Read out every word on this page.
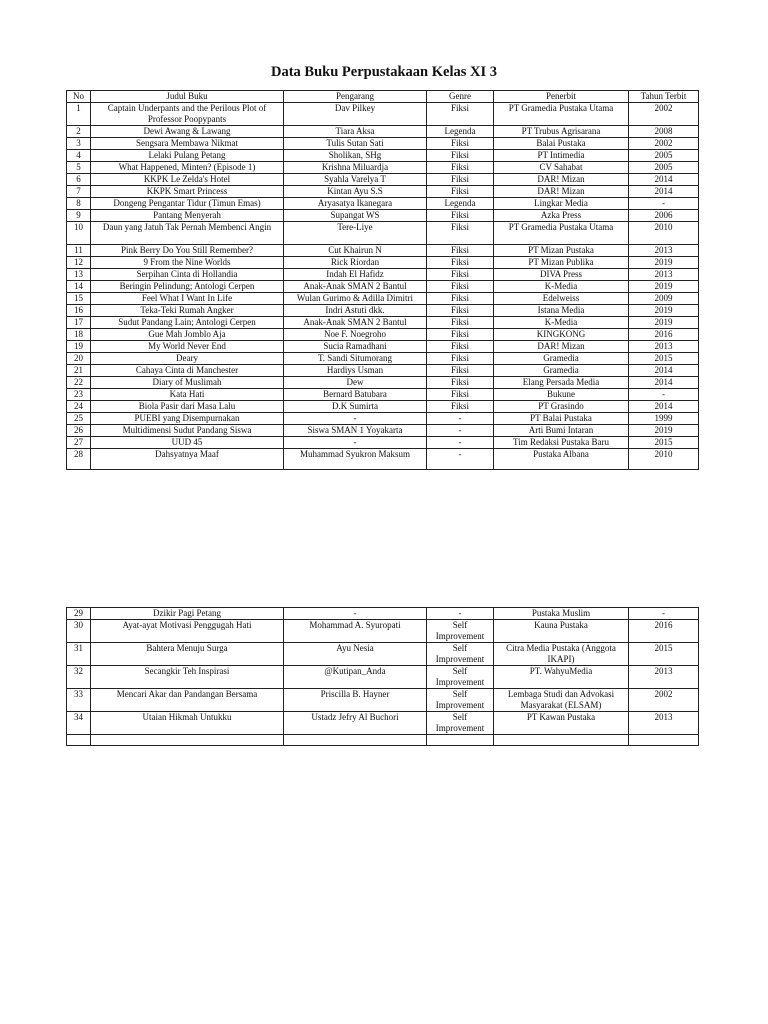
Data Buku Perpustakaan Kelas XI 3
No	Judul Buku	Pengarang	Genre	Penerbit	Tahun Terbit
1	Captain Underpants and the Perilous Plot of Professor Poopypants	Dav Pilkey	Fiksi	PT Gramedia Pustaka Utama	2002
2	Dewi Awang & Lawang	Tiara Aksa	Legenda	PT Trubus Agrisarana	2008
3	Sengsara Membawa Nikmat	Tulis Sutan Sati	Fiksi	Balai Pustaka	2002
4	Lelaki Pulang Petang	Sholikan, SHg	Fiksi	PT Intimedia	2005
5	What Happened, Minten? (Episode 1)	Krishna Miluardja	Fiksi	CV Sahabat	2005
6	KKPK Le Zelda's Hotel	Syahla Varelya T	Fiksi	DAR! Mizan	2014
7	KKPK Smart Princess	Kintan Ayu S.S	Fiksi	DAR! Mizan	2014
8	Dongeng Pengantar Tidur (Timun Emas)	Aryasatya Ikanegara	Legenda	Lingkar Media	-
9	Pantang Menyerah	Supangat WS	Fiksi	Azka Press	2006
10	Daun yang Jatuh Tak Pernah Membenci Angin	Tere-Liye	Fiksi	PT Gramedia Pustaka Utama	2010
11	Pink Berry Do You Still Remember?	Cut Khairun N	Fiksi	PT Mizan Pustaka	2013
12	9 From the Nine Worlds	Rick Riordan	Fiksi	PT Mizan Publika	2019
13	Serpihan Cinta di Hollandia	Indah El Hafidz	Fiksi	DIVA Press	2013
14	Beringin Pelindung; Antologi Cerpen	Anak-Anak SMAN 2 Bantul	Fiksi	K-Media	2019
15	Feel What I Want In Life	Wulan Gurimo & Adilla Dimitri	Fiksi	Edelweiss	2009
16	Teka-Teki Rumah Angker	Indri Astuti dkk.	Fiksi	Istana Media	2019
17	Sudut Pandang Lain; Antologi Cerpen	Anak-Anak SMAN 2 Bantul	Fiksi	K-Media	2019
18	Gue Mah Jomblo Aja	Noe F. Noegroho	Fiksi	KINGKONG	2016
19	My World Never End	Sucia Ramadhani	Fiksi	DAR! Mizan	2013
20	Deary	T. Sandi Situmorang	Fiksi	Gramedia	2015
21	Cahaya Cinta di Manchester	Hardiys Usman	Fiksi	Gramedia	2014
22	Diary of Muslimah	Dew	Fiksi	Elang Persada Media	2014
23	Kata Hati	Bernard Batubara	Fiksi	Bukune	-
24	Biola Pasir dari Masa Lalu	D.K Sumirta	Fiksi	PT Grasindo	2014
25	PUEBI yang Disempurnakan	-	-	PT Balai Pustaka	1999
26	Multidimensi Sudut Pandang Siswa	Siswa SMAN 1 Yoyakarta	-	Arti Bumi Intaran	2019
27	UUD 45	-	-	Tim Redaksi Pustaka Baru	2015
28	Dahsyatnya Maaf	Muhammad Syukron Maksum	-	Pustaka Albana	2010
29	Dzikir Pagi Petang	-	-	Pustaka Muslim	-
30	Ayat-ayat Motivasi Penggugah Hati	Mohammad A. Syuropati	Self Improvement	Kauna Pustaka	2016
31	Bahtera Menuju Surga	Ayu Nesia	Self Improvement	Citra Media Pustaka (Anggota IKAPI)	2015
32	Secangkir Teh Inspirasi	@Kutipan_Anda	Self Improvement	PT. WahyuMedia	2013
33	Mencari Akar dan Pandangan Bersama	Priscilla B. Hayner	Self Improvement	Lembaga Studi dan Advokasi Masyarakat (ELSAM)	2002
34	Utaian Hikmah Untukku	Ustadz Jefry Al Buchori	Self Improvement	PT Kawan Pustaka	2013
